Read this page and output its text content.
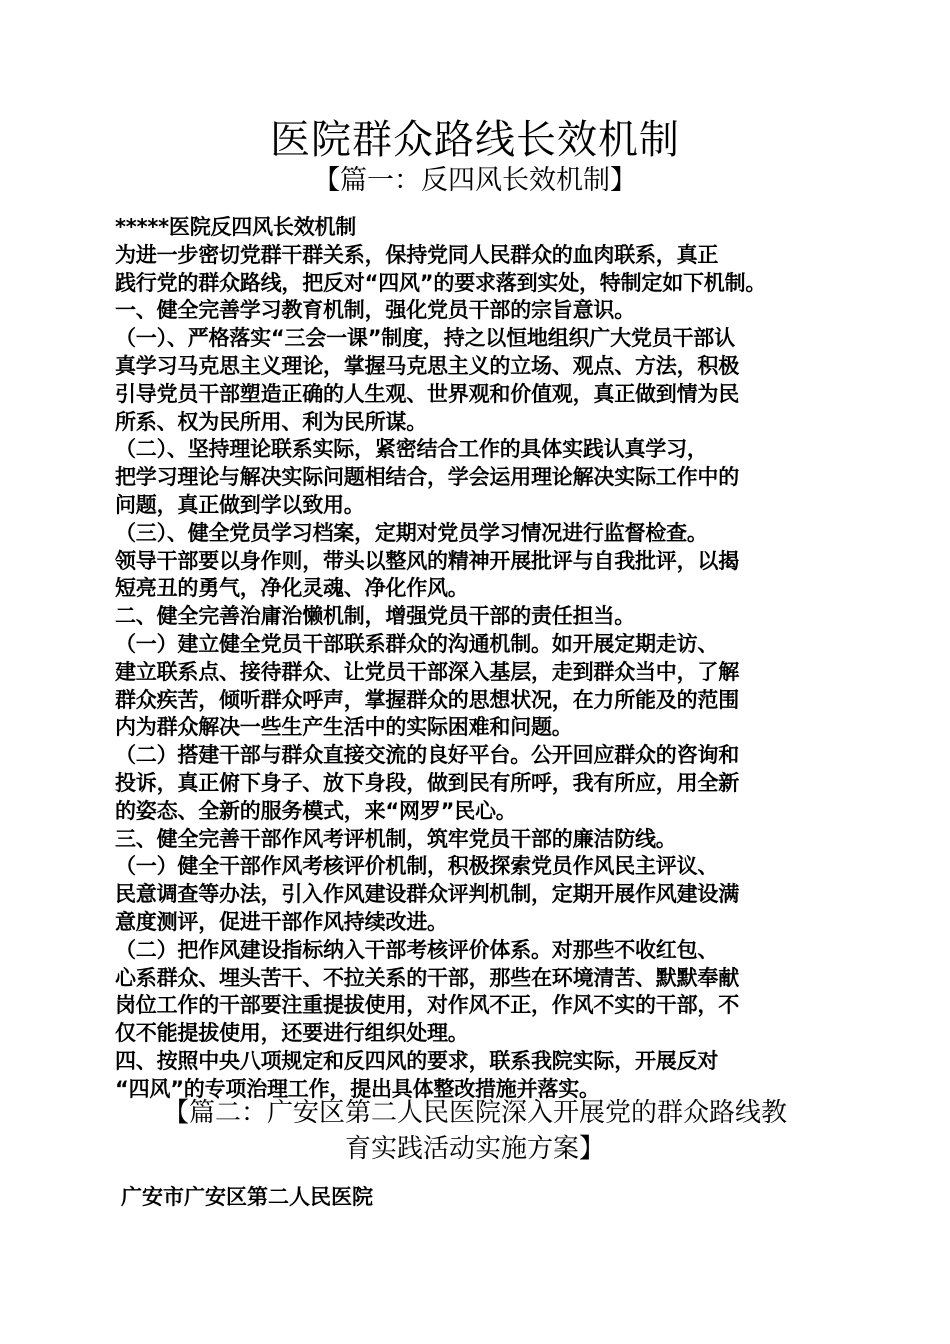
医院群众路线长效机制
【篇一：反四风长效机制】
*****医院反四风长效机制
为进一步密切党群干群关系，保持党同人民群众的血肉联系，真正
践行党的群众路线，把反对“四风”的要求落到实处，特制定如下机制。
一、健全完善学习教育机制，强化党员干部的宗旨意识。
（一）、严格落实“三会一课”制度，持之以恒地组织广大党员干部认
真学习马克思主义理论，掌握马克思主义的立场、观点、方法，积极
引导党员干部塑造正确的人生观、世界观和价值观，真正做到情为民
所系、权为民所用、利为民所谋。
（二）、坚持理论联系实际，紧密结合工作的具体实践认真学习，
把学习理论与解决实际问题相结合，学会运用理论解决实际工作中的
问题，真正做到学以致用。
（三）、健全党员学习档案，定期对党员学习情况进行监督检查。
领导干部要以身作则，带头以整风的精神开展批评与自我批评，以揭
短亮丑的勇气，净化灵魂、净化作风。
二、健全完善治庸治懒机制，增强党员干部的责任担当。
（一）建立健全党员干部联系群众的沟通机制。如开展定期走访、
建立联系点、接待群众、让党员干部深入基层，走到群众当中，了解
群众疾苦，倾听群众呼声，掌握群众的思想状况，在力所能及的范围
内为群众解决一些生产生活中的实际困难和问题。
（二）搭建干部与群众直接交流的良好平台。公开回应群众的咨询和
投诉，真正俯下身子、放下身段，做到民有所呼，我有所应，用全新
的姿态、全新的服务模式，来“网罗”民心。
三、健全完善干部作风考评机制，筑牢党员干部的廉洁防线。
（一）健全干部作风考核评价机制，积极探索党员作风民主评议、
民意调查等办法，引入作风建设群众评判机制，定期开展作风建设满
意度测评，促进干部作风持续改进。
（二）把作风建设指标纳入干部考核评价体系。对那些不收红包、
心系群众、埋头苦干、不拉关系的干部，那些在环境清苦、默默奉献
岗位工作的干部要注重提拔使用，对作风不正，作风不实的干部，不
仅不能提拔使用，还要进行组织处理。
四、按照中央八项规定和反四风的要求，联系我院实际，开展反对
“四风”的专项治理工作，提出具体整改措施并落实。
【篇二：广安区第二人民医院深入开展党的群众路线教
育实践活动实施方案】
广安市广安区第二人民医院
